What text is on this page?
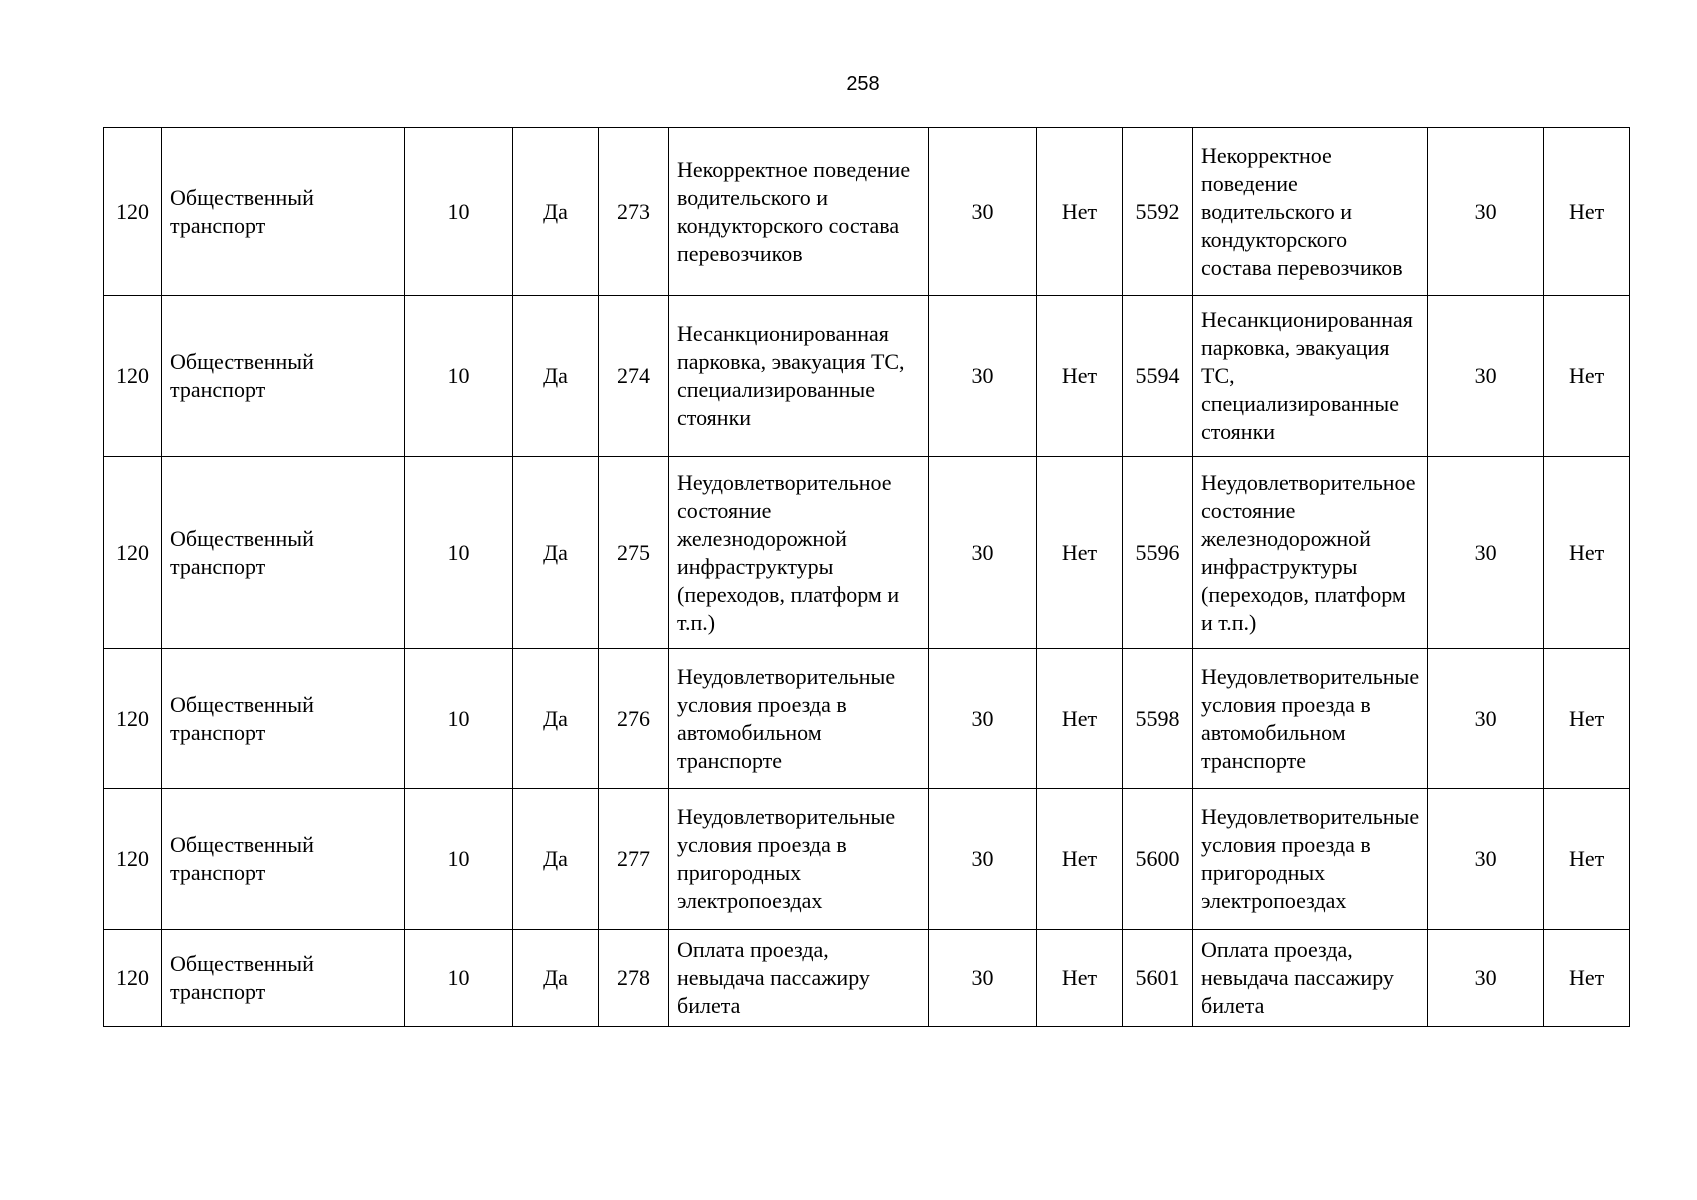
258
120	Общественный транспорт	10	Да	273	Некорректное поведение водительского и кондукторского состава перевозчиков	30	Нет	5592	Некорректное поведение водительского и кондукторского состава перевозчиков	30	Нет
120	Общественный транспорт	10	Да	274	Несанкционированная парковка, эвакуация ТС, специализированные стоянки	30	Нет	5594	Несанкционированная парковка, эвакуация ТС, специализированные стоянки	30	Нет
120	Общественный транспорт	10	Да	275	Неудовлетворительное состояние железнодорожной инфраструктуры (переходов, платформ и т.п.)	30	Нет	5596	Неудовлетворительное состояние железнодорожной инфраструктуры (переходов, платформ и т.п.)	30	Нет
120	Общественный транспорт	10	Да	276	Неудовлетворительные условия проезда в автомобильном транспорте	30	Нет	5598	Неудовлетворительные условия проезда в автомобильном транспорте	30	Нет
120	Общественный транспорт	10	Да	277	Неудовлетворительные условия проезда в пригородных электропоездах	30	Нет	5600	Неудовлетворительные условия проезда в пригородных электропоездах	30	Нет
120	Общественный транспорт	10	Да	278	Оплата проезда, невыдача пассажиру билета	30	Нет	5601	Оплата проезда, невыдача пассажиру билета	30	Нет
